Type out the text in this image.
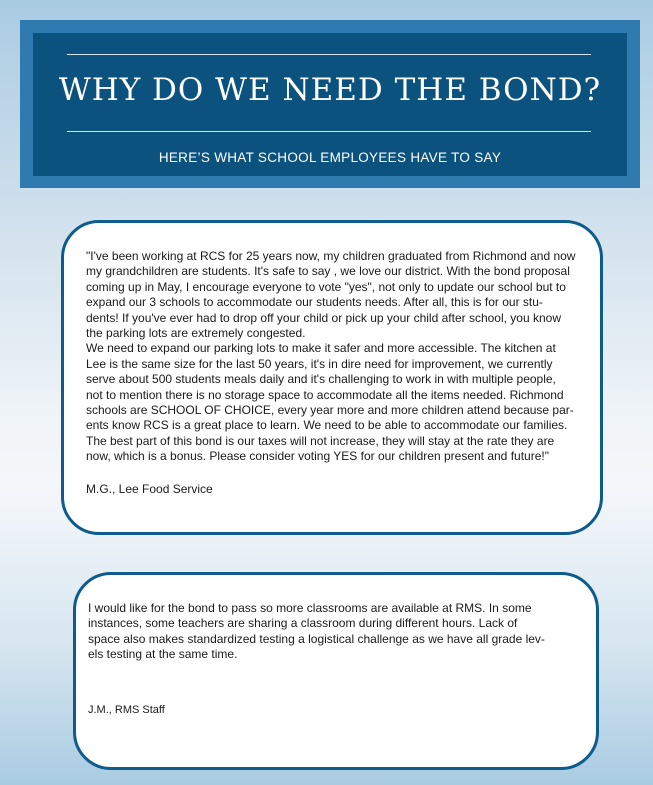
WHY DO WE NEED THE BOND?
HERE’S WHAT SCHOOL EMPLOYEES HAVE TO SAY

"I've been working at RCS for 25 years now, my children graduated from Richmond and now
my grandchildren are students. It's safe to say , we love our district. With the bond proposal
coming up in May, I encourage everyone to vote "yes", not only to update our school but to
expand our 3 schools to accommodate our students needs. After all, this is for our stu-
dents! If you've ever had to drop off your child or pick up your child after school, you know
the parking lots are extremely congested.
We need to expand our parking lots to make it safer and more accessible. The kitchen at
Lee is the same size for the last 50 years, it's in dire need for improvement, we currently
serve about 500 students meals daily and it's challenging to work in with multiple people,
not to mention there is no storage space to accommodate all the items needed. Richmond
schools are SCHOOL OF CHOICE, every year more and more children attend because par-
ents know RCS is a great place to learn. We need to be able to accommodate our families.
The best part of this bond is our taxes will not increase, they will stay at the rate they are
now, which is a bonus. Please consider voting YES for our children present and future!"

M.G., Lee Food Service

I would like for the bond to pass so more classrooms are available at RMS. In some
instances, some teachers are sharing a classroom during different hours. Lack of
space also makes standardized testing a logistical challenge as we have all grade lev-
els testing at the same time.

J.M., RMS Staff
